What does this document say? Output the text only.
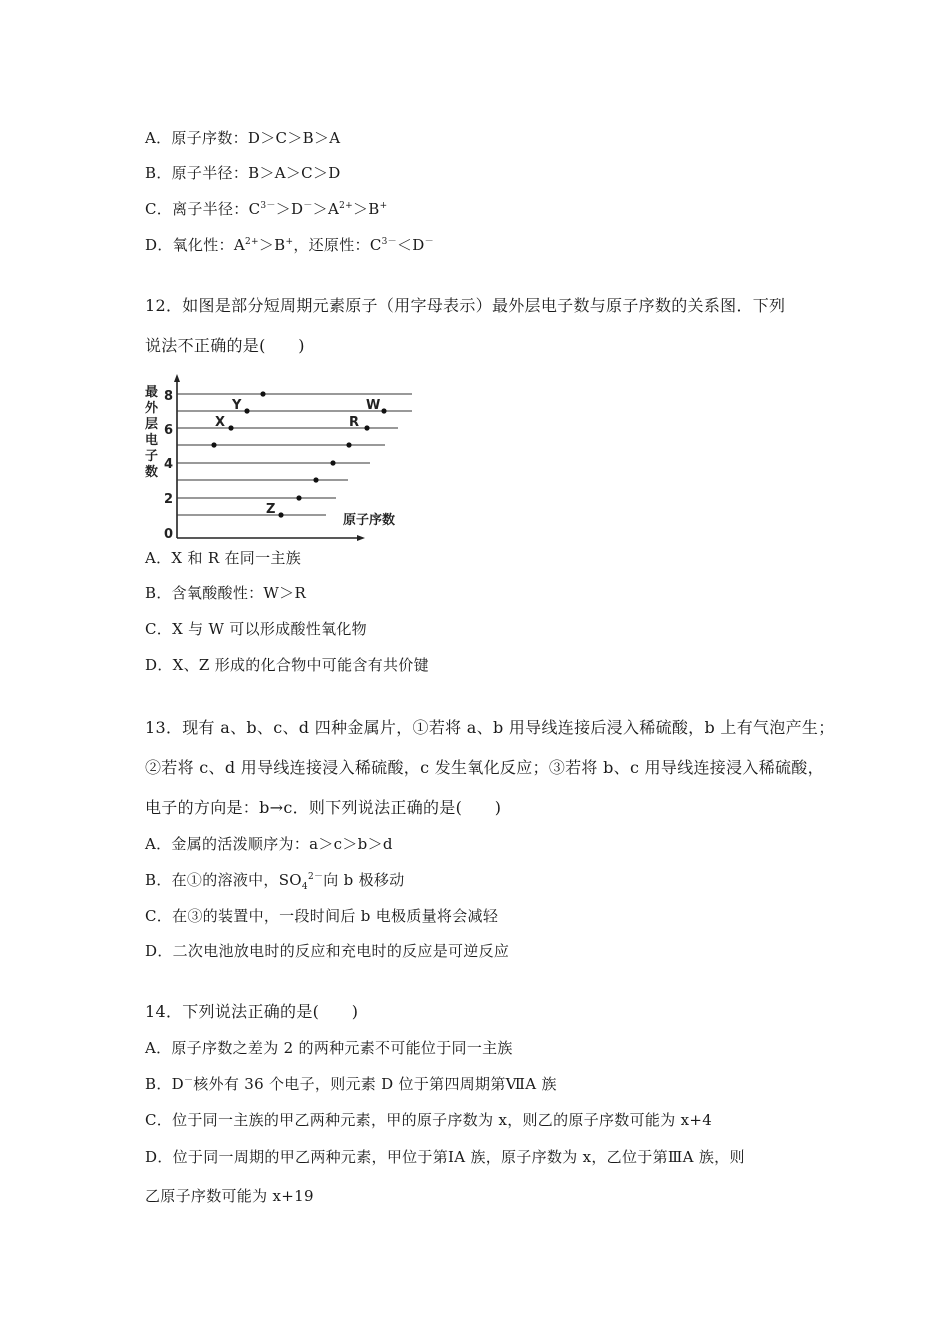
A．原子序数：D＞C＞B＞A
B．原子半径：B＞A＞C＞D
C．离子半径：$C^{3-}>D^->A^{2+}>B^+$
D．氧化性：$A^{2+}>B^+$，还原性：$C^{3-}<D^-$
12．如图是部分短周期元素原子（用字母表示）最外层电子数与原子序数的关系图．下列
说法不正确的是(　　)
Y
X	R
W
Z
8
6
4
2
0
最
外
层
电
子
数
原子序数
A．X 和 R 在同一主族
B．含氧酸酸性：W＞R
C．X 与 W 可以形成酸性氧化物
D．X、Z 形成的化合物中可能含有共价键
13．现有 a、b、c、d 四种金属片，①若将 a、b 用导线连接后浸入稀硫酸，b 上有气泡产生；
②若将 c、d 用导线连接浸入稀硫酸，c 发生氧化反应；③若将 b、c 用导线连接浸入稀硫酸，
电子的方向是：b→c．则下列说法正确的是(　　)
A．金属的活泼顺序为：a＞c＞b＞d
B．在①的溶液中，$SO_4^{2-}$向 b 极移动
C．在③的装置中，一段时间后 b 电极质量将会减轻
D．二次电池放电时的反应和充电时的反应是可逆反应
14．下列说法正确的是(　　)
A．原子序数之差为 2 的两种元素不可能位于同一主族
B．D－核外有 36 个电子，则元素 D 位于第四周期第ⅦA 族
C．位于同一主族的甲乙两种元素，甲的原子序数为 x，则乙的原子序数可能为 x+4
D．位于同一周期的甲乙两种元素，甲位于第ⅠA 族，原子序数为 x，乙位于第ⅢA 族，则
乙原子序数可能为 x+19
